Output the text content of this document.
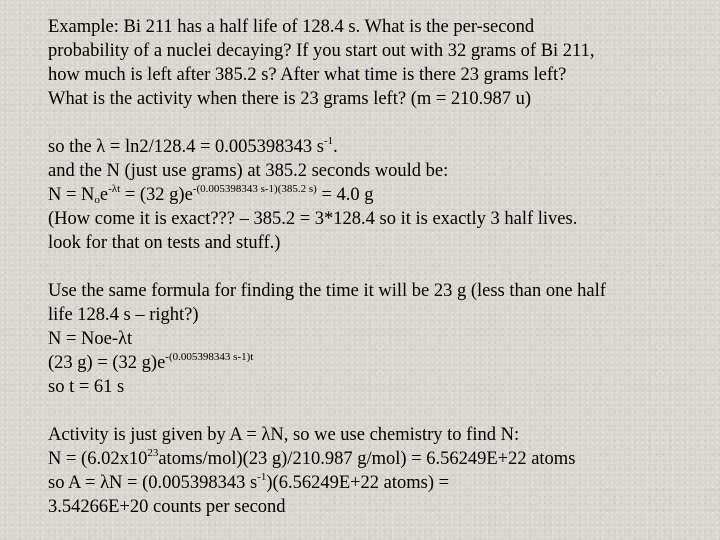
Example: Bi 211 has a half life of 128.4 s. What is the per-second

probability of a nuclei decaying? If you start out with 32 grams of Bi 211,

how much is left after 385.2 s? After what time is there 23 grams left?

What is the activity when there is 23 grams left? (m = 210.987 u)

so the λ = ln2/128.4 = 0.005398343 $s^{-1}$.

and the N (just use grams) at 385.2 seconds would be:

$N = N_oe^{-\lambda t} = (32$ $g)e^{-(0.005398343 s-1)(385.2 s)} = 4.0$ g

(How come it is exact??? – 385.2 = 3*128.4 so it is exactly 3 half lives.

look for that on tests and stuff.)

Use the same formula for finding the time it will be 23 g (less than one half

life 128.4 s – right?)

N = Noe-λt

(23 g) = (32 $g)e^{-(0.005398343 s-1)t}$

so t = 61 s

Activity is just given by A = λN, so we use chemistry to find N:

$N = (6.02x10^{23}atoms/mol)(23$ g)/210.987 g/mol) = 6.56249E+22 atoms

so A = λN = (0.005398343 $s^{-1})(6.56249E+22$ atoms) =

3.54266E+20 counts per second
